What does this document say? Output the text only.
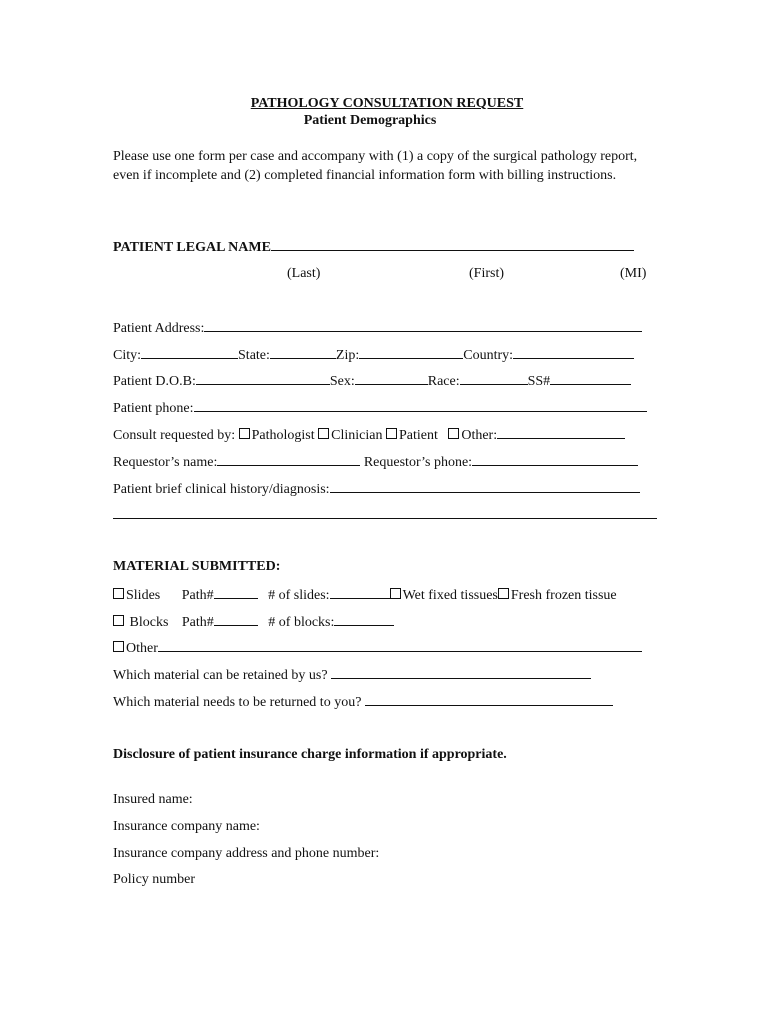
PATHOLOGY CONSULTATION REQUEST
Patient Demographics
Please use one form per case and accompany with (1) a copy of the surgical pathology report, even if incomplete and (2) completed financial information form with billing instructions.
PATIENT LEGAL NAME
(Last)	(First)	(MI)
Patient Address:
City:	State:	Zip:	Country:
Patient D.O.B:	Sex:	Race:	SS#
Patient phone:
Consult requested by: Pathologist Clinician Patient Other:
Requestor’s name:	Requestor’s phone:
Patient brief clinical history/diagnosis:
MATERIAL SUBMITTED:
Slides Path#	# of slides:	Wet fixed tissues Fresh frozen tissue
Blocks Path#	# of blocks:
Other
Which material can be retained by us?
Which material needs to be returned to you?
Disclosure of patient insurance charge information if appropriate.
Insured name:
Insurance company name:
Insurance company address and phone number:
Policy number
